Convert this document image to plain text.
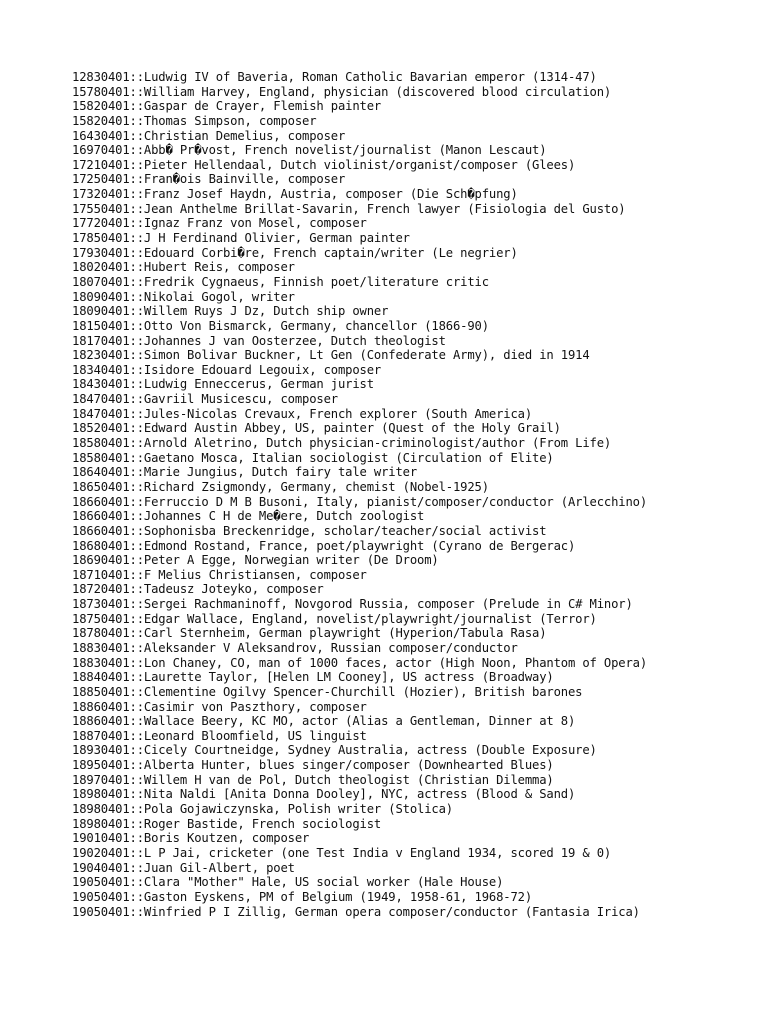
12830401::Ludwig IV of Baveria, Roman Catholic Bavarian emperor (1314-47)
15780401::William Harvey, England, physician (discovered blood circulation)
15820401::Gaspar de Crayer, Flemish painter
15820401::Thomas Simpson, composer
16430401::Christian Demelius, composer
16970401::Abb� Pr�vost, French novelist/journalist (Manon Lescaut)
17210401::Pieter Hellendaal, Dutch violinist/organist/composer (Glees)
17250401::Fran�ois Bainville, composer
17320401::Franz Josef Haydn, Austria, composer (Die Sch�pfung)
17550401::Jean Anthelme Brillat-Savarin, French lawyer (Fisiologia del Gusto)
17720401::Ignaz Franz von Mosel, composer
17850401::J H Ferdinand Olivier, German painter
17930401::Edouard Corbi�re, French captain/writer (Le negrier)
18020401::Hubert Reis, composer
18070401::Fredrik Cygnaeus, Finnish poet/literature critic
18090401::Nikolai Gogol, writer
18090401::Willem Ruys J Dz, Dutch ship owner
18150401::Otto Von Bismarck, Germany, chancellor (1866-90)
18170401::Johannes J van Oosterzee, Dutch theologist
18230401::Simon Bolivar Buckner, Lt Gen (Confederate Army), died in 1914
18340401::Isidore Edouard Legouix, composer
18430401::Ludwig Enneccerus, German jurist
18470401::Gavriil Musicescu, composer
18470401::Jules-Nicolas Crevaux, French explorer (South America)
18520401::Edward Austin Abbey, US, painter (Quest of the Holy Grail)
18580401::Arnold Aletrino, Dutch physician-criminologist/author (From Life)
18580401::Gaetano Mosca, Italian sociologist (Circulation of Elite)
18640401::Marie Jungius, Dutch fairy tale writer
18650401::Richard Zsigmondy, Germany, chemist (Nobel-1925)
18660401::Ferruccio D M B Busoni, Italy, pianist/composer/conductor (Arlecchino)
18660401::Johannes C H de Me�ere, Dutch zoologist
18660401::Sophonisba Breckenridge, scholar/teacher/social activist
18680401::Edmond Rostand, France, poet/playwright (Cyrano de Bergerac)
18690401::Peter A Egge, Norwegian writer (De Droom)
18710401::F Melius Christiansen, composer
18720401::Tadeusz Joteyko, composer
18730401::Sergei Rachmaninoff, Novgorod Russia, composer (Prelude in C# Minor)
18750401::Edgar Wallace, England, novelist/playwright/journalist (Terror)
18780401::Carl Sternheim, German playwright (Hyperion/Tabula Rasa)
18830401::Aleksander V Aleksandrov, Russian composer/conductor
18830401::Lon Chaney, CO, man of 1000 faces, actor (High Noon, Phantom of Opera)
18840401::Laurette Taylor, [Helen LM Cooney], US actress (Broadway)
18850401::Clementine Ogilvy Spencer-Churchill (Hozier), British barones
18860401::Casimir von Paszthory, composer
18860401::Wallace Beery, KC MO, actor (Alias a Gentleman, Dinner at 8)
18870401::Leonard Bloomfield, US linguist
18930401::Cicely Courtneidge, Sydney Australia, actress (Double Exposure)
18950401::Alberta Hunter, blues singer/composer (Downhearted Blues)
18970401::Willem H van de Pol, Dutch theologist (Christian Dilemma)
18980401::Nita Naldi [Anita Donna Dooley], NYC, actress (Blood & Sand)
18980401::Pola Gojawiczynska, Polish writer (Stolica)
18980401::Roger Bastide, French sociologist
19010401::Boris Koutzen, composer
19020401::L P Jai, cricketer (one Test India v England 1934, scored 19 & 0)
19040401::Juan Gil-Albert, poet
19050401::Clara "Mother" Hale, US social worker (Hale House)
19050401::Gaston Eyskens, PM of Belgium (1949, 1958-61, 1968-72)
19050401::Winfried P I Zillig, German opera composer/conductor (Fantasia Irica)
